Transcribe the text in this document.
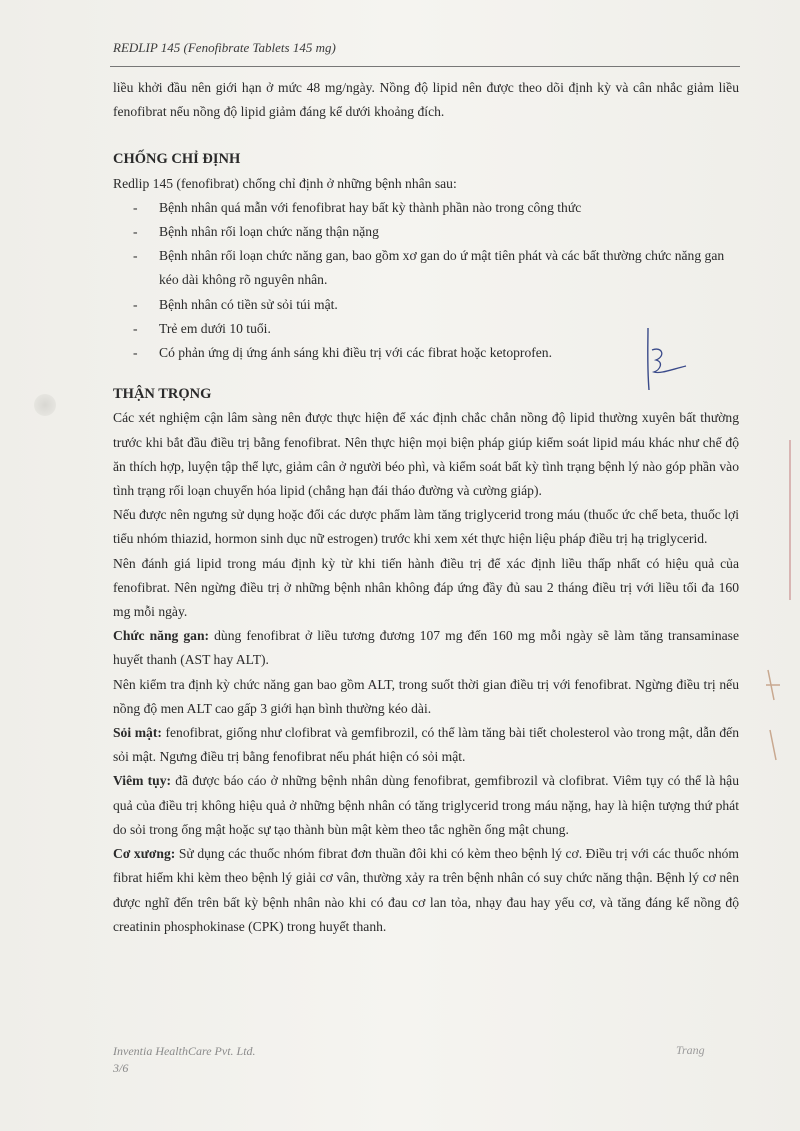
REDLIP 145 (Fenofibrate Tablets 145 mg)

liều khởi đầu nên giới hạn ở mức 48 mg/ngày. Nồng độ lipid nên được theo dõi định kỳ và cân nhắc giảm liều fenofibrat nếu nồng độ lipid giảm đáng kể dưới khoảng đích.

CHỐNG CHỈ ĐỊNH

Redlip 145 (fenofibrat) chống chỉ định ở những bệnh nhân sau:

- Bệnh nhân quá mẫn với fenofibrat hay bất kỳ thành phần nào trong công thức
- Bệnh nhân rối loạn chức năng thận nặng
- Bệnh nhân rối loạn chức năng gan, bao gồm xơ gan do ứ mật tiên phát và các bất thường chức năng gan kéo dài không rõ nguyên nhân.
- Bệnh nhân có tiền sử sỏi túi mật.
- Trẻ em dưới 10 tuổi.
- Có phản ứng dị ứng ánh sáng khi điều trị với các fibrat hoặc ketoprofen.
THẬN TRỌNG

Các xét nghiệm cận lâm sàng nên được thực hiện để xác định chắc chắn nồng độ lipid thường xuyên bất thường trước khi bắt đầu điều trị bằng fenofibrat. Nên thực hiện mọi biện pháp giúp kiểm soát lipid máu khác như chế độ ăn thích hợp, luyện tập thể lực, giảm cân ở người béo phì, và kiểm soát bất kỳ tình trạng bệnh lý nào góp phần vào tình trạng rối loạn chuyển hóa lipid (chẳng hạn đái tháo đường và cường giáp).

Nếu được nên ngưng sử dụng hoặc đổi các dược phẩm làm tăng triglycerid trong máu (thuốc ức chế beta, thuốc lợi tiểu nhóm thiazid, hormon sinh dục nữ estrogen) trước khi xem xét thực hiện liệu pháp điều trị hạ triglycerid.

Nên đánh giá lipid trong máu định kỳ từ khi tiến hành điều trị để xác định liều thấp nhất có hiệu quả của fenofibrat. Nên ngừng điều trị ở những bệnh nhân không đáp ứng đầy đủ sau 2 tháng điều trị với liều tối đa 160 mg mỗi ngày.

Chức năng gan: dùng fenofibrat ở liều tương đương 107 mg đến 160 mg mỗi ngày sẽ làm tăng transaminase huyết thanh (AST hay ALT).

Nên kiểm tra định kỳ chức năng gan bao gồm ALT, trong suốt thời gian điều trị với fenofibrat. Ngừng điều trị nếu nồng độ men ALT cao gấp 3 giới hạn bình thường kéo dài.

Sỏi mật: fenofibrat, giống như clofibrat và gemfibrozil, có thể làm tăng bài tiết cholesterol vào trong mật, dẫn đến sỏi mật. Ngưng điều trị bằng fenofibrat nếu phát hiện có sỏi mật.

Viêm tụy: đã được báo cáo ở những bệnh nhân dùng fenofibrat, gemfibrozil và clofibrat. Viêm tụy có thể là hậu quả của điều trị không hiệu quả ở những bệnh nhân có tăng triglycerid trong máu nặng, hay là hiện tượng thứ phát do sỏi trong ống mật hoặc sự tạo thành bùn mật kèm theo tắc nghẽn ống mật chung.

Cơ xương: Sử dụng các thuốc nhóm fibrat đơn thuần đôi khi có kèm theo bệnh lý cơ. Điều trị với các thuốc nhóm fibrat hiếm khi kèm theo bệnh lý giải cơ vân, thường xảy ra trên bệnh nhân có suy chức năng thận. Bệnh lý cơ nên được nghĩ đến trên bất kỳ bệnh nhân nào khi có đau cơ lan tỏa, nhạy đau hay yếu cơ, và tăng đáng kể nồng độ creatinin phosphokinase (CPK) trong huyết thanh.

Inventia HealthCare Pvt. Ltd.
3/6
Trang
